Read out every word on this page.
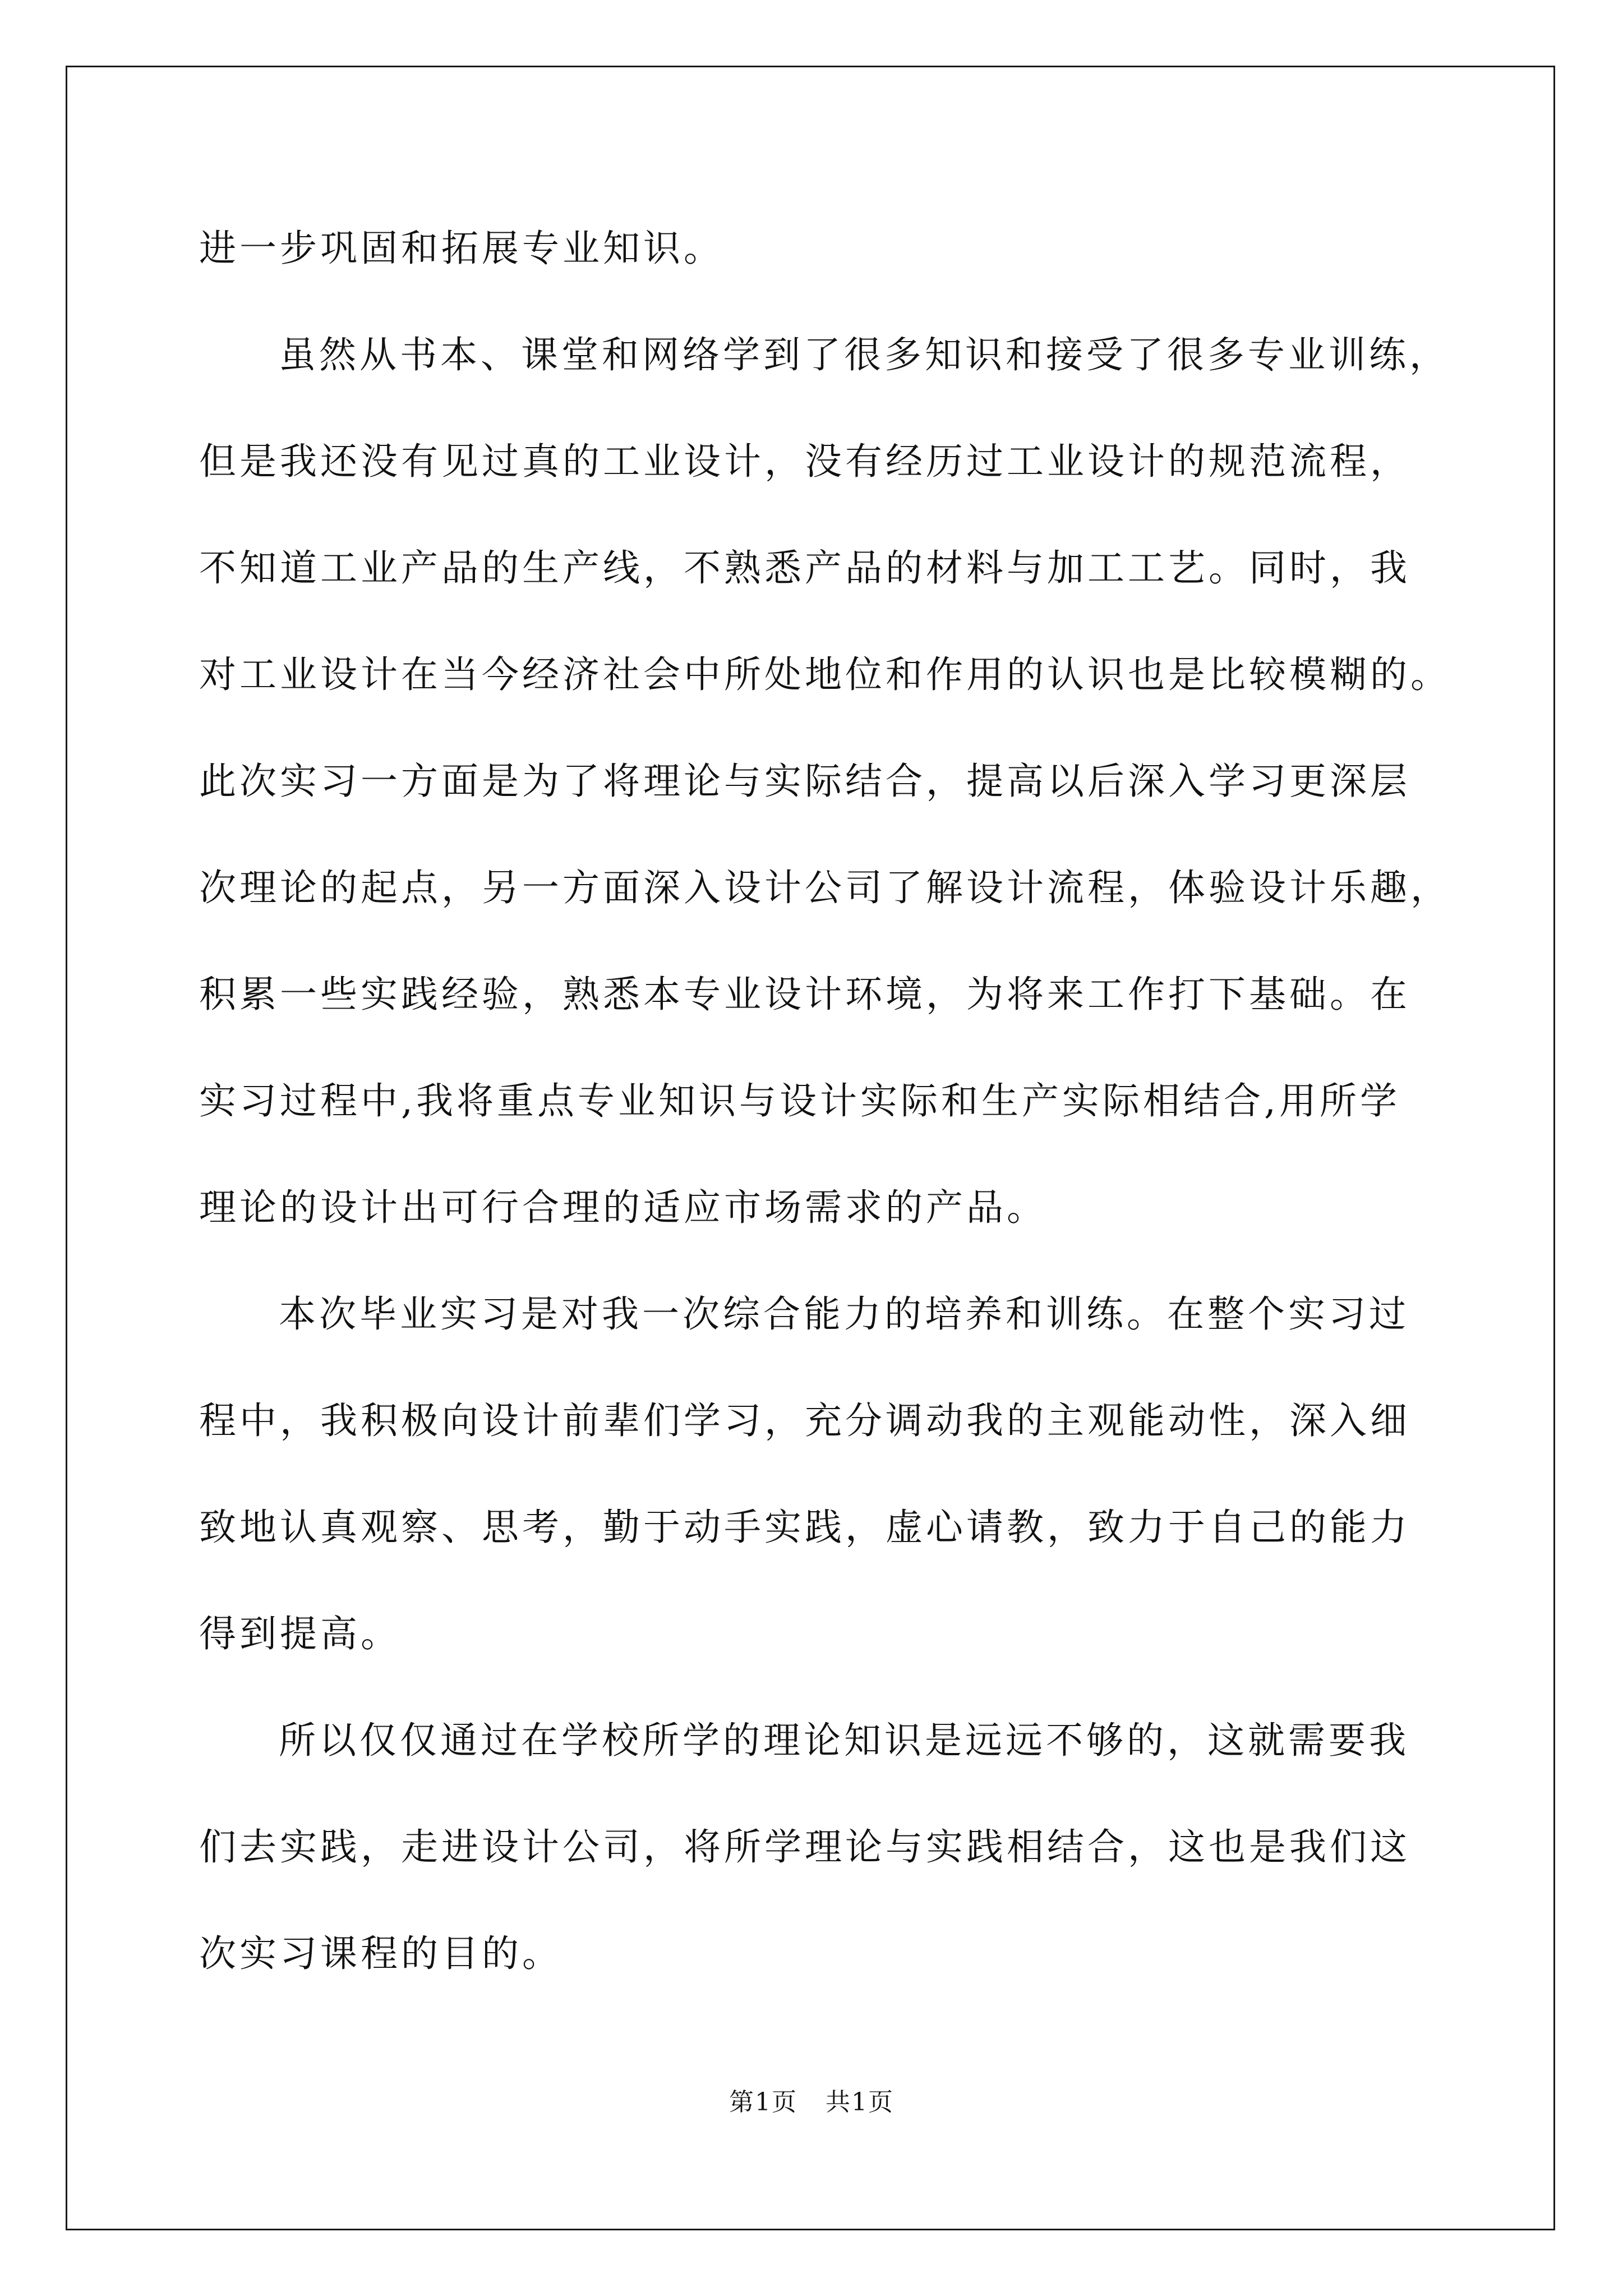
进一步巩固和拓展专业知识。
虽然从书本、课堂和网络学到了很多知识和接受了很多专业训练，
但是我还没有见过真的工业设计，没有经历过工业设计的规范流程，
不知道工业产品的生产线，不熟悉产品的材料与加工工艺。同时，我
对工业设计在当今经济社会中所处地位和作用的认识也是比较模糊的。
此次实习一方面是为了将理论与实际结合，提高以后深入学习更深层
次理论的起点，另一方面深入设计公司了解设计流程，体验设计乐趣，
积累一些实践经验，熟悉本专业设计环境，为将来工作打下基础。在
实习过程中,我将重点专业知识与设计实际和生产实际相结合,用所学
理论的设计出可行合理的适应市场需求的产品。
本次毕业实习是对我一次综合能力的培养和训练。在整个实习过
程中，我积极向设计前辈们学习，充分调动我的主观能动性，深入细
致地认真观察、思考，勤于动手实践，虚心请教，致力于自己的能力
得到提高。
所以仅仅通过在学校所学的理论知识是远远不够的，这就需要我
们去实践，走进设计公司，将所学理论与实践相结合，这也是我们这
次实习课程的目的。
第1页 共1页
